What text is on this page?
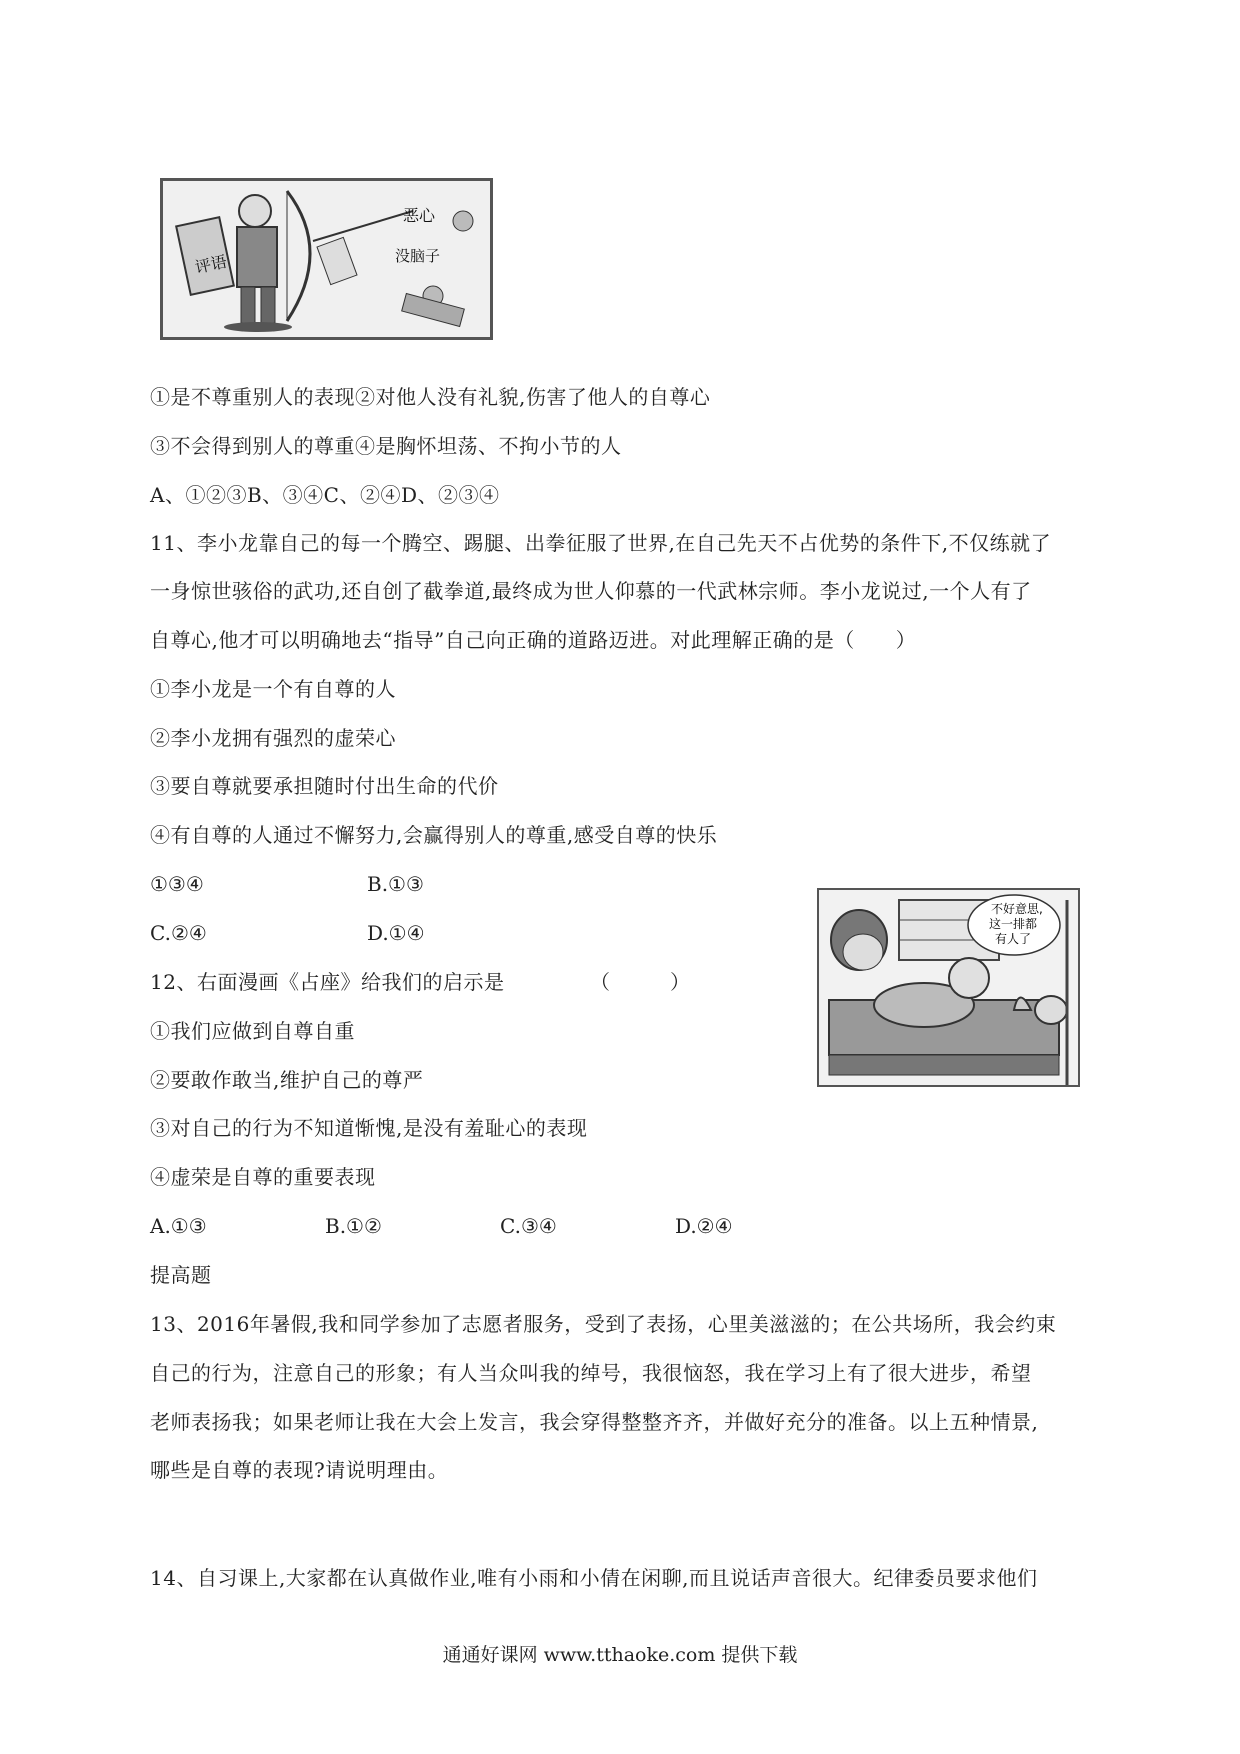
评语
恶心
没脑子
①是不尊重别人的表现②对他人没有礼貌,伤害了他人的自尊心
③不会得到别人的尊重④是胸怀坦荡、不拘小节的人
A、①②③B、③④C、②④D、②③④
11、李小龙靠自己的每一个腾空、踢腿、出拳征服了世界,在自己先天不占优势的条件下,不仅练就了
一身惊世骇俗的武功,还自创了截拳道,最终成为世人仰慕的一代武林宗师。李小龙说过,一个人有了
自尊心,他才可以明确地去“指导”自己向正确的道路迈进。对此理解正确的是（　　）
①李小龙是一个有自尊的人
②李小龙拥有强烈的虚荣心
③要自尊就要承担随时付出生命的代价
④有自尊的人通过不懈努力,会赢得别人的尊重,感受自尊的快乐
①③④	B.①③
C.②④	D.①④
不好意思,
这一排都
有人了
12、右面漫画《占座》给我们的启示是	（　　　）
①我们应做到自尊自重
②要敢作敢当,维护自己的尊严
③对自己的行为不知道惭愧,是没有羞耻心的表现
④虚荣是自尊的重要表现
A.①③	B.①②	C.③④	D.②④
提高题
13、2016年暑假,我和同学参加了志愿者服务，受到了表扬，心里美滋滋的；在公共场所，我会约束
自己的行为，注意自己的形象；有人当众叫我的绰号，我很恼怒，我在学习上有了很大进步，希望
老师表扬我；如果老师让我在大会上发言，我会穿得整整齐齐，并做好充分的准备。以上五种情景,
哪些是自尊的表现?请说明理由。
14、自习课上,大家都在认真做作业,唯有小雨和小倩在闲聊,而且说话声音很大。纪律委员要求他们
通通好课网 www.tthaoke.com 提供下载
